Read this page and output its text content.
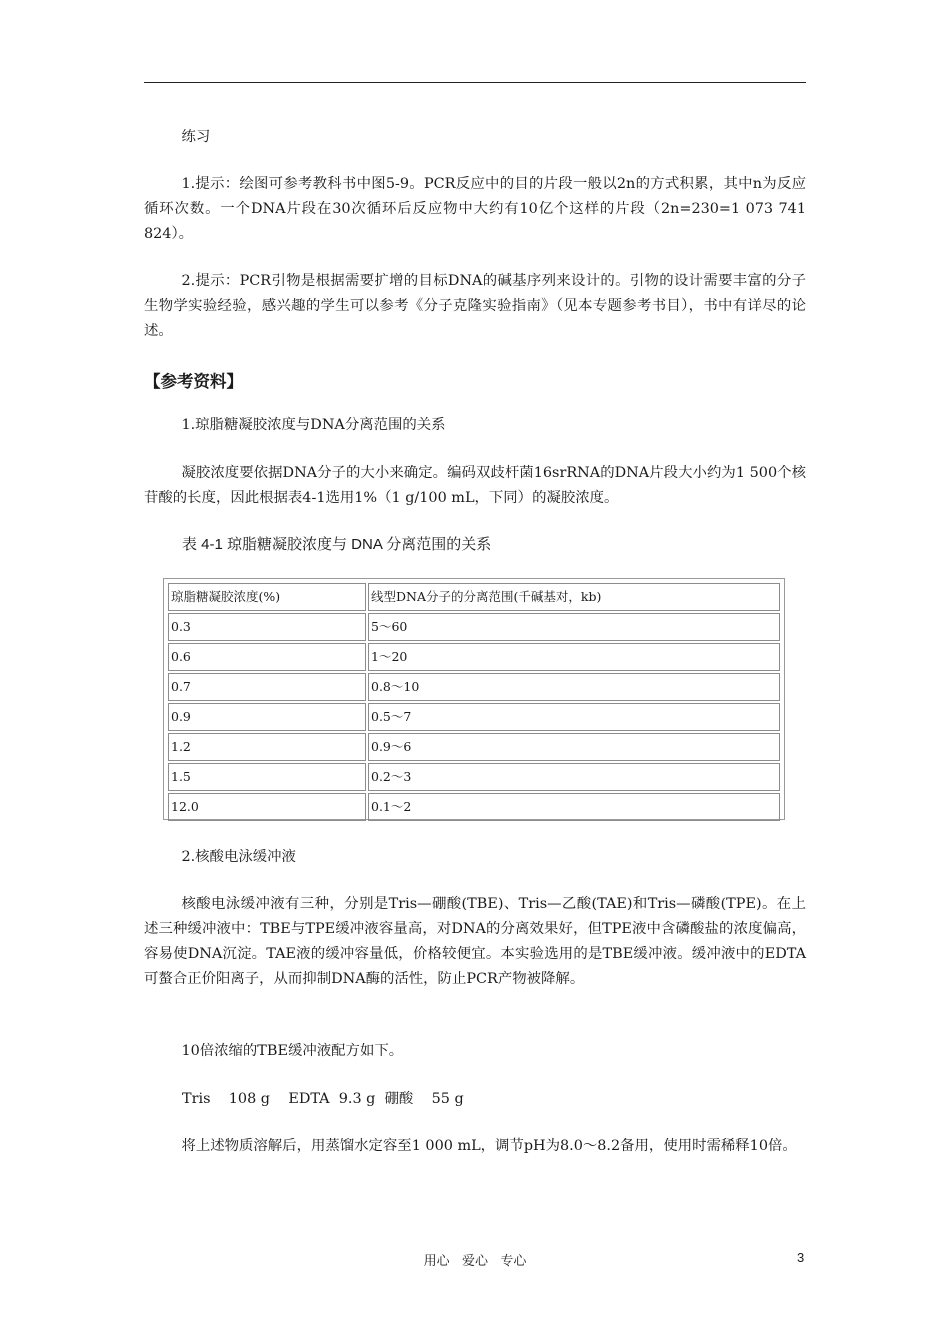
练习

1.提示：绘图可参考教科书中图5-9。PCR反应中的目的片段一般以2n的方式积累，其中n为反应循环次数。一个DNA片段在30次循环后反应物中大约有10亿个这样的片段（2n=230=1 073 741 824）。

2.提示：PCR引物是根据需要扩增的目标DNA的碱基序列来设计的。引物的设计需要丰富的分子生物学实验经验，感兴趣的学生可以参考《分子克隆实验指南》（见本专题参考书目），书中有详尽的论述。

【参考资料】

1.琼脂糖凝胶浓度与DNA分离范围的关系

凝胶浓度要依据DNA分子的大小来确定。编码双歧杆菌16srRNA的DNA片段大小约为1 500个核苷酸的长度，因此根据表4-1选用1%（1 g/100 mL，下同）的凝胶浓度。

表 4-1 琼脂糖凝胶浓度与 DNA 分离范围的关系

琼脂糖凝胶浓度(%)	线型DNA分子的分离范围(千碱基对，kb)
0.3	5～60
0.6	1～20
0.7	0.8～10
0.9	0.5～7
1.2	0.9～6
1.5	0.2～3
12.0	0.1～2

2.核酸电泳缓冲液

核酸电泳缓冲液有三种，分别是Tris—硼酸(TBE)、Tris—乙酸(TAE)和Tris—磷酸(TPE)。在上述三种缓冲液中：TBE与TPE缓冲液容量高，对DNA的分离效果好，但TPE液中含磷酸盐的浓度偏高，容易使DNA沉淀。TAE液的缓冲容量低，价格较便宜。本实验选用的是TBE缓冲液。缓冲液中的EDTA可螯合正价阳离子，从而抑制DNA酶的活性，防止PCR产物被降解。

10倍浓缩的TBE缓冲液配方如下。

Tris    108 g    EDTA  9.3 g  硼酸    55 g

将上述物质溶解后，用蒸馏水定容至1 000 mL，调节pH为8.0～8.2备用，使用时需稀释10倍。

用心   爱心   专心	3
